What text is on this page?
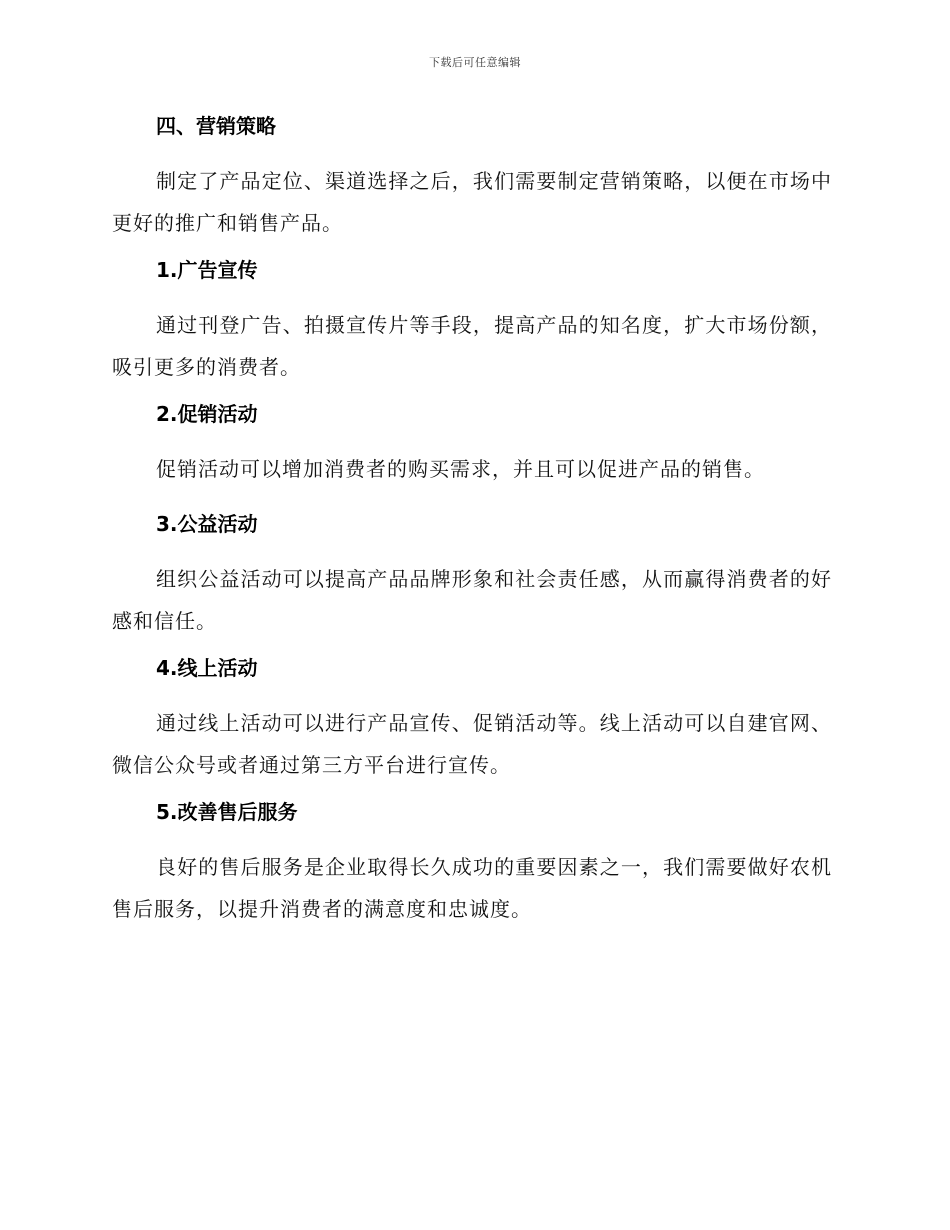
下载后可任意编辑
四、营销策略
制定了产品定位、渠道选择之后，我们需要制定营销策略，以便在市场中更好的推广和销售产品。
1.广告宣传
通过刊登广告、拍摄宣传片等手段，提高产品的知名度，扩大市场份额，吸引更多的消费者。
2.促销活动
促销活动可以增加消费者的购买需求，并且可以促进产品的销售。
3.公益活动
组织公益活动可以提高产品品牌形象和社会责任感，从而赢得消费者的好感和信任。
4.线上活动
通过线上活动可以进行产品宣传、促销活动等。线上活动可以自建官网、微信公众号或者通过第三方平台进行宣传。
5.改善售后服务
良好的售后服务是企业取得长久成功的重要因素之一，我们需要做好农机售后服务，以提升消费者的满意度和忠诚度。
